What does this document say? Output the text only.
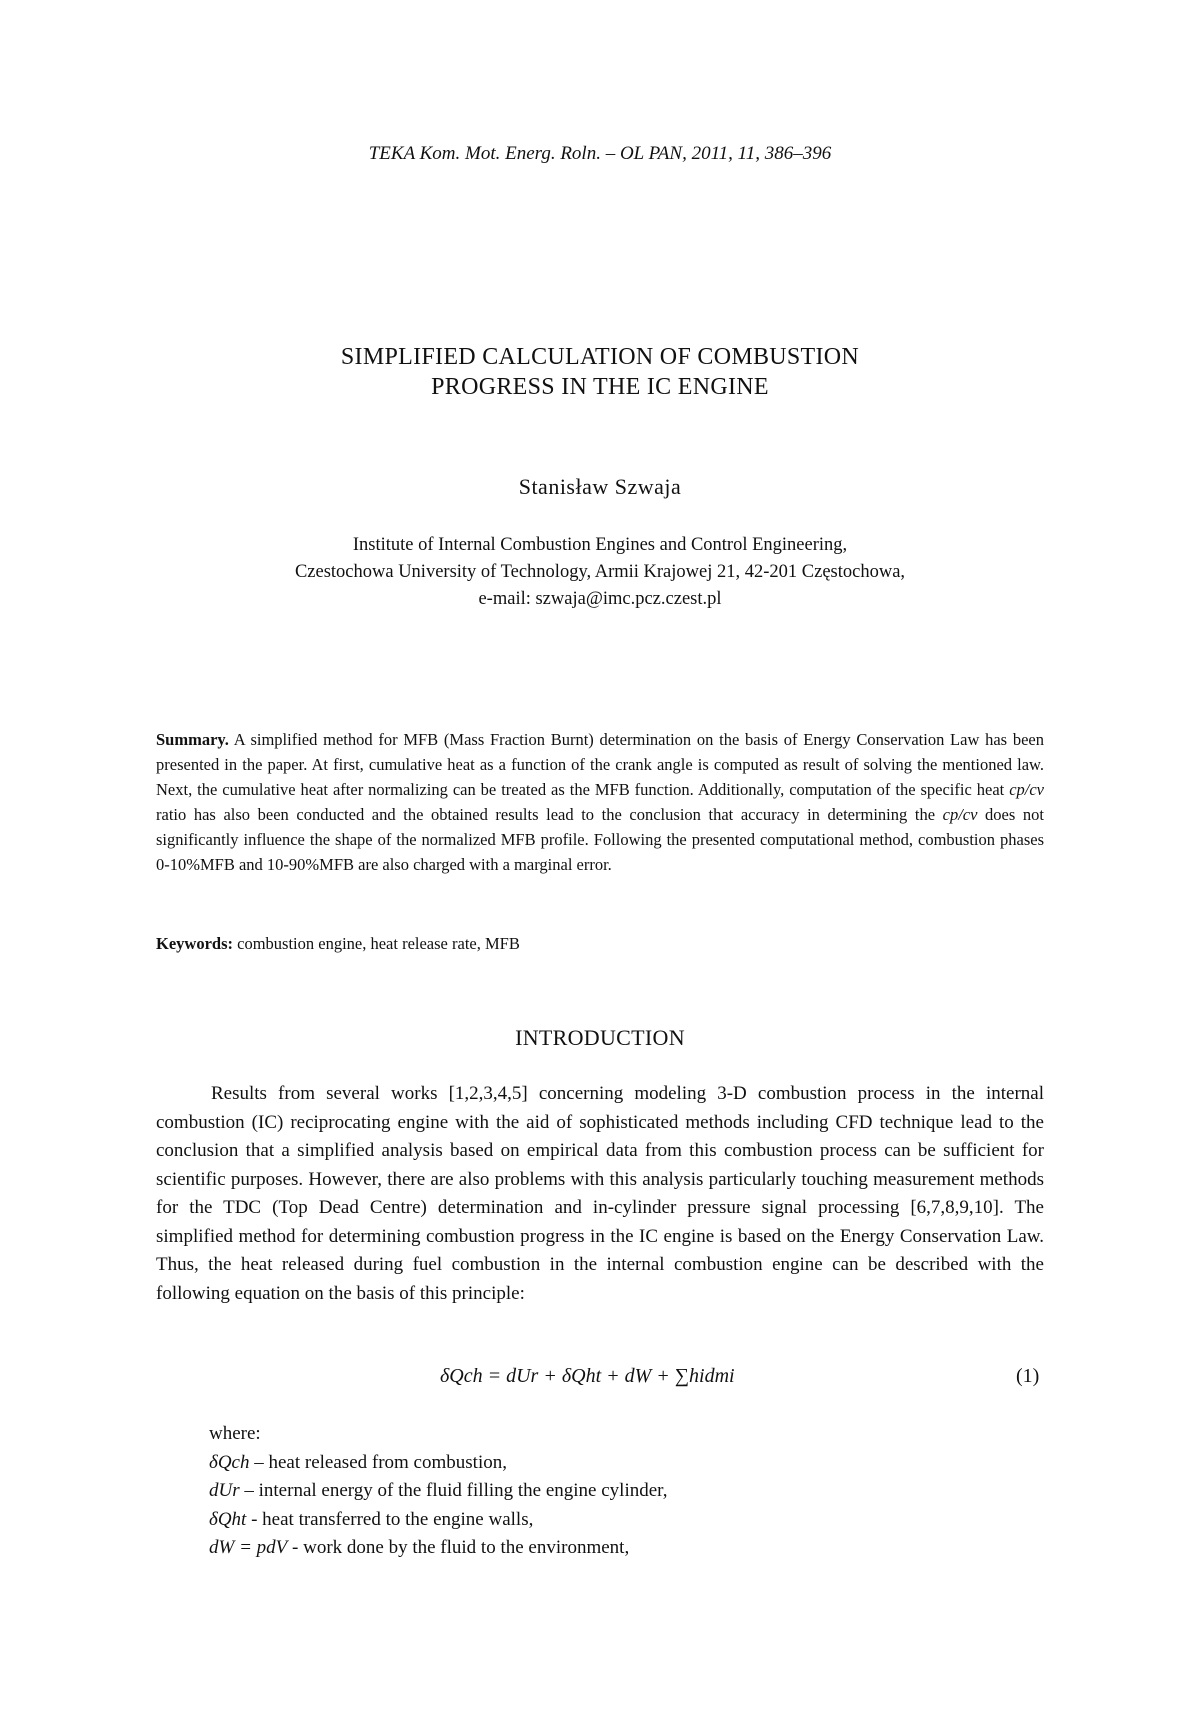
TEKA Kom. Mot. Energ. Roln. – OL PAN, 2011, 11, 386–396
SIMPLIFIED CALCULATION OF COMBUSTION
PROGRESS IN THE IC ENGINE
Stanisław Szwaja
Institute of Internal Combustion Engines and Control Engineering,
Czestochowa University of Technology, Armii Krajowej 21, 42-201 Częstochowa,
e-mail: szwaja@imc.pcz.czest.pl
Summary. A simplified method for MFB (Mass Fraction Burnt) determination on the basis of Energy Conservation Law has been presented in the paper. At first, cumulative heat as a function of the crank angle is computed as result of solving the mentioned law. Next, the cumulative heat after normalizing can be treated as the MFB function. Additionally, computation of the specific heat cp/cv ratio has also been conducted and the obtained results lead to the conclusion that accuracy in determining the cp/cv does not significantly influence the shape of the normalized MFB profile. Following the presented computational method, combustion phases 0-10%MFB and 10-90%MFB are also charged with a marginal error.
Keywords: combustion engine, heat release rate, MFB
INTRODUCTION

Results from several works [1,2,3,4,5] concerning modeling 3-D combustion process in the internal combustion (IC) reciprocating engine with the aid of sophisticated methods including CFD technique lead to the conclusion that a simplified analysis based on empirical data from this combustion process can be sufficient for scientific purposes. However, there are also problems with this analysis particularly touching measurement methods for the TDC (Top Dead Centre) determination and in-cylinder pressure signal processing [6,7,8,9,10]. The simplified method for determining combustion progress in the IC engine is based on the Energy Conservation Law. Thus, the heat released during fuel combustion in the internal combustion engine can be described with the following equation on the basis of this principle:

δQch = dUr + δQht + dW + ∑hidmi	(1)
where:
δQch – heat released from combustion,
dUr – internal energy of the fluid filling the engine cylinder,
δQht - heat transferred to the engine walls,
dW = pdV - work done by the fluid to the environment,
